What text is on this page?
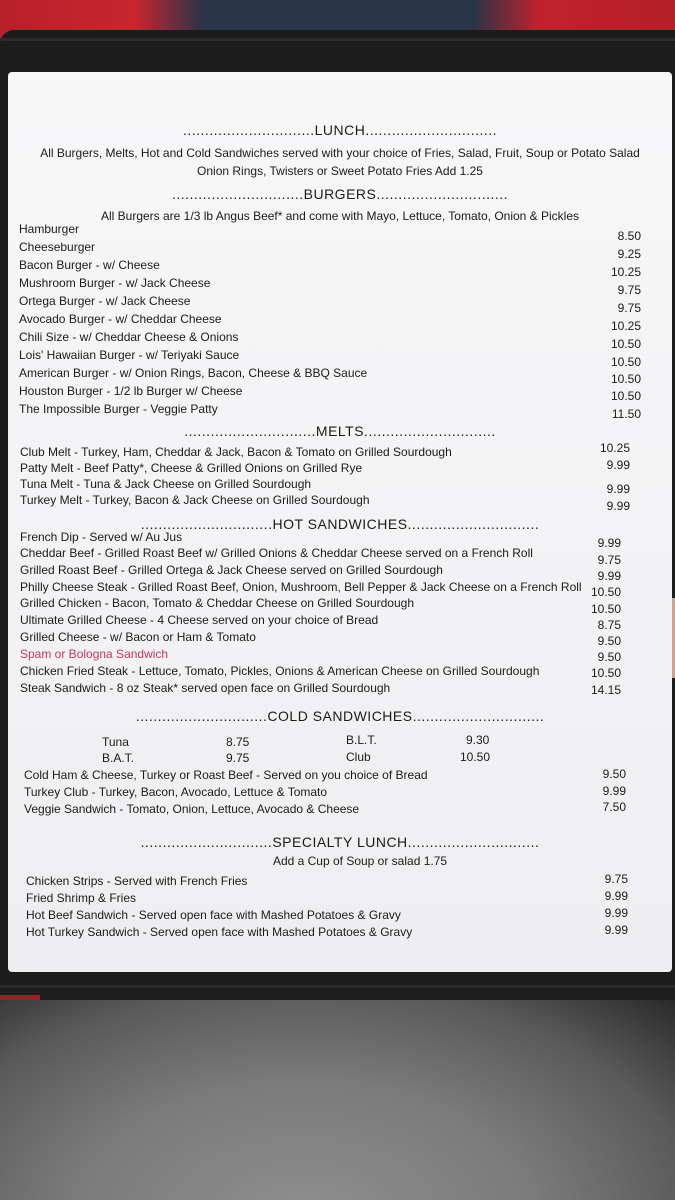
..............................LUNCH..............................
All Burgers, Melts, Hot and Cold Sandwiches served with your choice of Fries, Salad, Fruit, Soup or Potato Salad
Onion Rings, Twisters or Sweet Potato Fries Add 1.25
..............................BURGERS..............................
All Burgers are 1/3 lb Angus Beef* and come with Mayo, Lettuce, Tomato, Onion & Pickles
Hamburger	8.50
Cheeseburger	9.25
Bacon Burger - w/ Cheese	10.25
Mushroom Burger - w/ Jack Cheese	9.75
Ortega Burger - w/ Jack Cheese	9.75
Avocado Burger - w/ Cheddar Cheese	10.25
Chili Size - w/ Cheddar Cheese & Onions	10.50
Lois' Hawaiian Burger - w/ Teriyaki Sauce	10.50
American Burger - w/ Onion Rings, Bacon, Cheese & BBQ Sauce	10.50
Houston Burger - 1/2 lb Burger w/ Cheese	10.50
The Impossible Burger - Veggie Patty	11.50
..............................MELTS..............................
Club Melt - Turkey, Ham, Cheddar & Jack, Bacon & Tomato on Grilled Sourdough	10.25
Patty Melt - Beef Patty*, Cheese & Grilled Onions on Grilled Rye	9.99
Tuna Melt - Tuna & Jack Cheese on Grilled Sourdough	9.99
Turkey Melt - Turkey, Bacon & Jack Cheese on Grilled Sourdough	9.99
..............................HOT SANDWICHES..............................
French Dip - Served w/ Au Jus	9.99
Cheddar Beef - Grilled Roast Beef w/ Grilled Onions & Cheddar Cheese served on a French Roll	9.75
Grilled Roast Beef - Grilled Ortega & Jack Cheese served on Grilled Sourdough	9.99
Philly Cheese Steak - Grilled Roast Beef, Onion, Mushroom, Bell Pepper & Jack Cheese on a French Roll 10.50
Grilled Chicken - Bacon, Tomato & Cheddar Cheese on Grilled Sourdough	10.50
Ultimate Grilled Cheese - 4 Cheese served on your choice of Bread	8.75
Grilled Cheese - w/ Bacon or Ham & Tomato	9.50
Spam or Bologna Sandwich	9.50
Chicken Fried Steak - Lettuce, Tomato, Pickles, Onions & American Cheese on Grilled Sourdough	10.50
Steak Sandwich - 8 oz Steak* served open face on Grilled Sourdough	14.15
..............................COLD SANDWICHES..............................
Tuna	8.75	B.L.T.	9.30
B.A.T.	9.75	Club	10.50
Cold Ham & Cheese, Turkey or Roast Beef - Served on you choice of Bread	9.50
Turkey Club - Turkey, Bacon, Avocado, Lettuce & Tomato	9.99
Veggie Sandwich - Tomato, Onion, Lettuce, Avocado & Cheese	7.50
..............................SPECIALTY LUNCH..............................
Add a Cup of Soup or salad 1.75
Chicken Strips - Served with French Fries	9.75
Fried Shrimp & Fries	9.99
Hot Beef Sandwich - Served open face with Mashed Potatoes & Gravy	9.99
Hot Turkey Sandwich - Served open face with Mashed Potatoes & Gravy	9.99
